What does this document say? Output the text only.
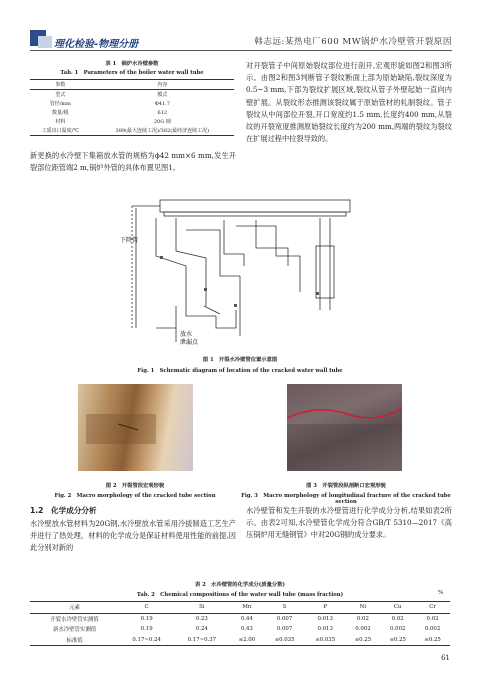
理化检验-物理分册	韩志远:某热电厂600 MW锅炉水冷壁管开裂原因
表 1　锅炉水冷壁参数
Tab. 1　Parameters of the boiler water wall tube
参数	内容
型式	膜式
管径/mm	Φ41.7
数量/根	612
材料	20G 钢
工质出口温度/℃	389(最大连续工况)/382(最经济连续工况)
新更换的水冷壁下集箱放水管的规格为ϕ42 mm×6 mm,发生开裂部位距管端2 m,锅炉外管的具体布置见图1。
对开裂管子中间原始裂纹部位进行剖开,宏观形貌如图2和图3所示。由图2和图3判断管子裂纹断面上部为原始缺陷,裂纹深度为0.5~3 mm,下部为裂纹扩展区域,裂纹从管子外壁起始一直向内壁扩展。从裂纹形态推测该裂纹属于原始管材的轧制裂纹。管子裂纹从中间部位开裂,开口宽度约1.5 mm,长度约400 mm,从裂纹的开裂宽度推测原始裂纹长度约为200 mm,两端的裂纹为裂纹在扩展过程中拉裂导致的。
下降管
放水
泄漏点
图 1　开裂水冷壁管位置示意图
Fig. 1　Schematic diagram of location of the cracked water wall tube
图 2　开裂管段宏观形貌
Fig. 2　Macro morphology of the cracked tube section
图 3　开裂管段纵剖断口宏观形貌
Fig. 3　Macro morphology of longitudinal fracture of the cracked tube section
1.2　化学成分分析
水冷壁放水管材料为20G钢,水冷壁放水管采用冷拔制造工艺生产并进行了热处理。材料的化学成分是保证材料使用性能的前提,因此分别对新的
水冷壁管和发生开裂的水冷壁管进行化学成分分析,结果如表2所示。由表2可知,水冷壁管化学成分符合GB/T 5310—2017《高压锅炉用无缝钢管》中对20G钢的成分要求。
表 2　水冷壁管的化学成分(质量分数)
Tab. 2　Chemical compositions of the water wall tube (mass fraction)	%
元素	C	Si	Mn	S	P	Ni	Cu	Cr
开裂水冷壁管实测值	0.19	0.23	0.44	0.007	0.013	0.02	0.02	0.02
新水冷壁管实测值	0.19	0.24	0.43	0.007	0.013	0.002	0.002	0.002
标准值	0.17~0.24	0.17~0.37	≤2.00	≤0.035	≤0.035	≤0.25	≤0.25	≤0.25
61
